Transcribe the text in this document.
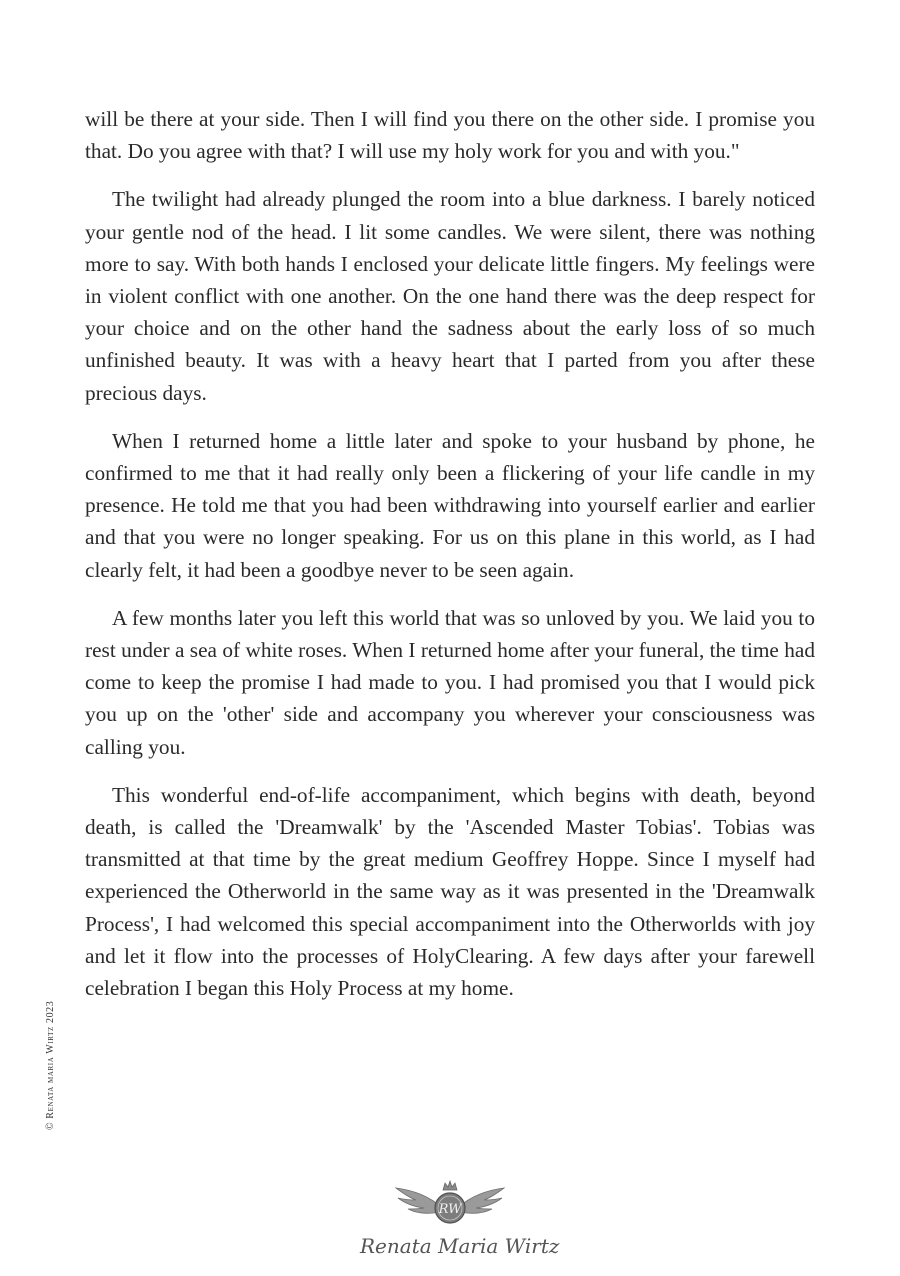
will be there at your side. Then I will find you there on the other side. I promise you that. Do you agree with that? I will use my holy work for you and with you."

The twilight had already plunged the room into a blue darkness. I barely noticed your gentle nod of the head. I lit some candles. We were silent, there was nothing more to say. With both hands I enclosed your delicate little fingers. My feelings were in violent conflict with one another. On the one hand there was the deep respect for your choice and on the other hand the sadness about the early loss of so much unfinished beauty. It was with a heavy heart that I parted from you after these precious days.

When I returned home a little later and spoke to your husband by phone, he confirmed to me that it had really only been a flickering of your life candle in my presence. He told me that you had been withdrawing into yourself earlier and earlier and that you were no longer speaking. For us on this plane in this world, as I had clearly felt, it had been a goodbye never to be seen again.

A few months later you left this world that was so unloved by you. We laid you to rest under a sea of white roses. When I returned home after your funeral, the time had come to keep the promise I had made to you. I had promised you that I would pick you up on the 'other' side and accompany you wherever your consciousness was calling you.

This wonderful end-of-life accompaniment, which begins with death, beyond death, is called the 'Dreamwalk' by the 'Ascended Master Tobias'. Tobias was transmitted at that time by the great medium Geoffrey Hoppe. Since I myself had experienced the Otherworld in the same way as it was presented in the 'Dreamwalk Process', I had welcomed this special accompaniment into the Otherworlds with joy and let it flow into the processes of HolyClearing. A few days after your farewell celebration I began this Holy Process at my home.

© Renata maria Wirtz 2023
RW
Renata Maria Wirtz
